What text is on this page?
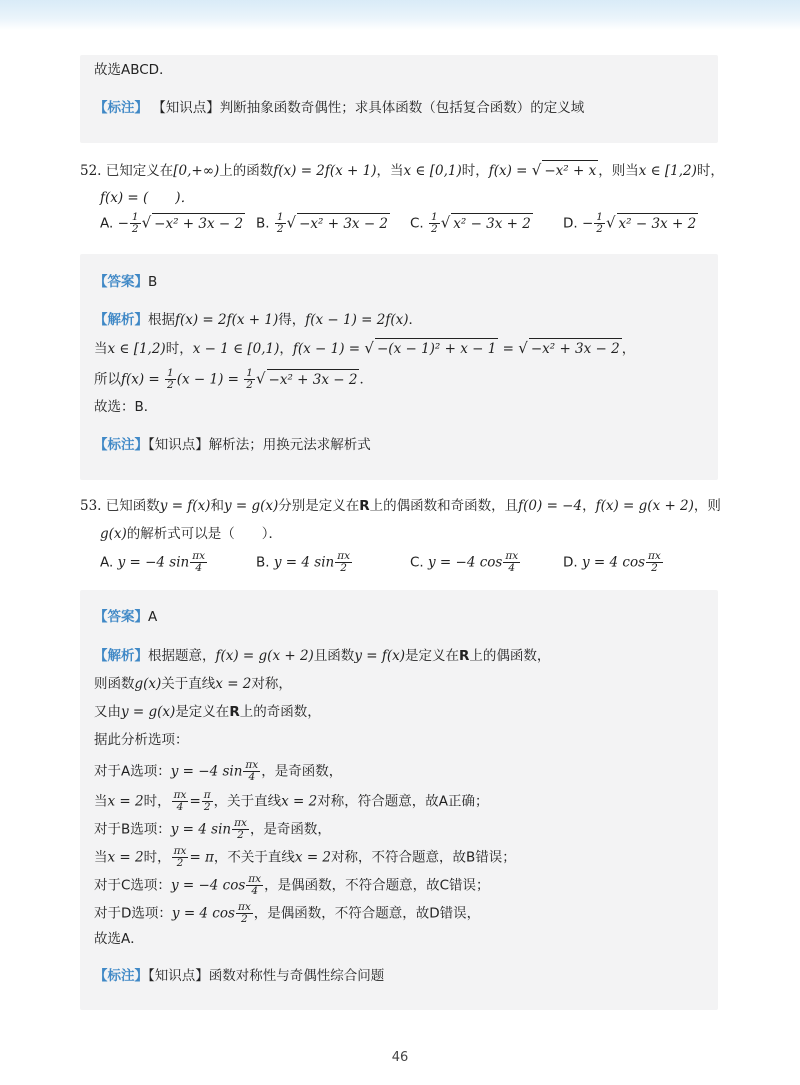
故选ABCD．
【标注】 【知识点】判断抽象函数奇偶性；求具体函数（包括复合函数）的定义域
52. 已知定义在[0,+∞)上的函数f(x) = 2f(x + 1)，当x ∈ [0,1)时，f(x) = √ −x² + x ，则当x ∈ [1,2)时，
f(x) = (　　)．
A. − $\frac{1}{2}$ √ −x² + 3x − 2 B. $\frac{1}{2}$ √ −x² + 3x − 2 C. $\frac{1}{2}$ √ x² − 3x + 2 D. − $\frac{1}{2}$ √ x² − 3x + 2
【答案】B
【解析】根据f(x) = 2f(x + 1)得，f(x − 1) = 2f(x)．
当x ∈ [1,2)时，x − 1 ∈ [0,1)，f(x − 1) = √ −(x − 1)² + x − 1 = √ −x² + 3x − 2 ，
所以$f(x) = \frac{1}{2} (x - 1) = \frac{1}{2}$ √ −x² + 3x − 2 ．
故选：B．
【标注】【知识点】解析法；用换元法求解析式
53. 已知函数y = f(x)和y = g(x)分别是定义在R上的偶函数和奇函数，且f(0) = −4，f(x) = g(x + 2)，则
g(x)的解析式可以是（　　）．
A. y = −4 $\sin \frac{\pi x}{4}$	B. y = 4 $\sin \frac{\pi x}{2}$	C. y = −4 $\cos \frac{\pi x}{4}$	D. y = 4 $\cos \frac{\pi x}{2}$
【答案】A
【解析】根据题意，f(x) = g(x + 2)且函数y = f(x)是定义在R上的偶函数，
则函数g(x)关于直线x = 2对称，
又由y = g(x)是定义在R上的奇函数，
据此分析选项：
对于A选项：y = −4 $\sin \frac{\pi x}{4}$ ，是奇函数，
当x = 2时， $\frac{\pi x}{4} = \frac{\pi}{2}$ ，关于直线x = 2对称，符合题意，故A正确；
对于B选项：y = 4 $\sin \frac{\pi x}{2}$ ，是奇函数，
当x = 2时， $\frac{\pi x}{2} = \pi$，不关于直线x = 2对称，不符合题意，故B错误；
对于C选项：y = −4 $\cos \frac{\pi x}{4}$ ，是偶函数，不符合题意，故C错误；
对于D选项：y = 4 $\cos \frac{\pi x}{2}$ ，是偶函数，不符合题意，故D错误，
故选A．
【标注】【知识点】函数对称性与奇偶性综合问题
46
